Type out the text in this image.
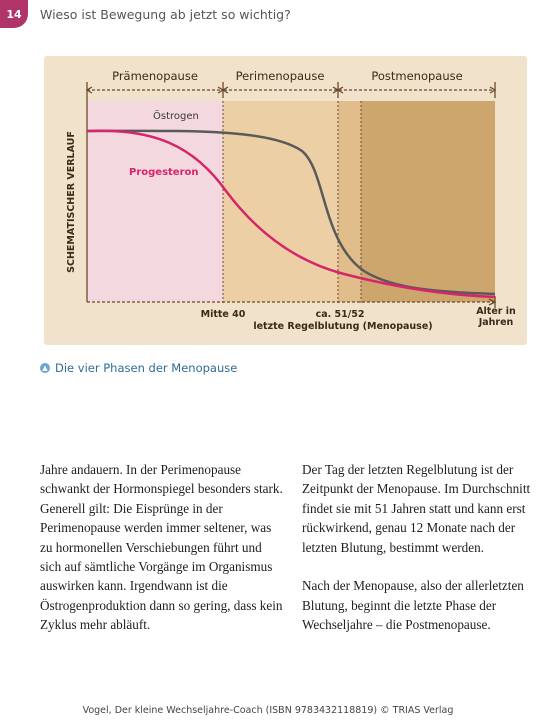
14 Wieso ist Bewegung ab jetzt so wichtig?
Prämenopause	Perimenopause	Postmenopause
SCHEMATISCHER VERLAUF
Östrogen
Progesteron
Mitte 40	ca. 51/52
letzte Regelblutung (Menopause)
Alter in
Jahren
▲ Die vier Phasen der Menopause

Jahre andauern. In der Perimenopause schwankt der Hormonspiegel besonders stark. Generell gilt: Die Eisprünge in der Perimenopause werden immer seltener, was zu hormonellen Verschiebungen führt und sich auf sämtliche Vorgänge im Organismus auswirken kann. Irgendwann ist die Östrogenproduktion dann so gering, dass kein Zyklus mehr abläuft.

Der Tag der letzten Regelblutung ist der Zeitpunkt der Menopause. Im Durchschnitt findet sie mit 51 Jahren statt und kann erst rückwirkend, genau 12 Monate nach der letzten Blutung, bestimmt werden.

Nach der Menopause, also der allerletzten Blutung, beginnt die letzte Phase der Wechseljahre – die Postmenopause.

Vogel, Der kleine Wechseljahre-Coach (ISBN 9783432118819) © TRIAS Verlag
